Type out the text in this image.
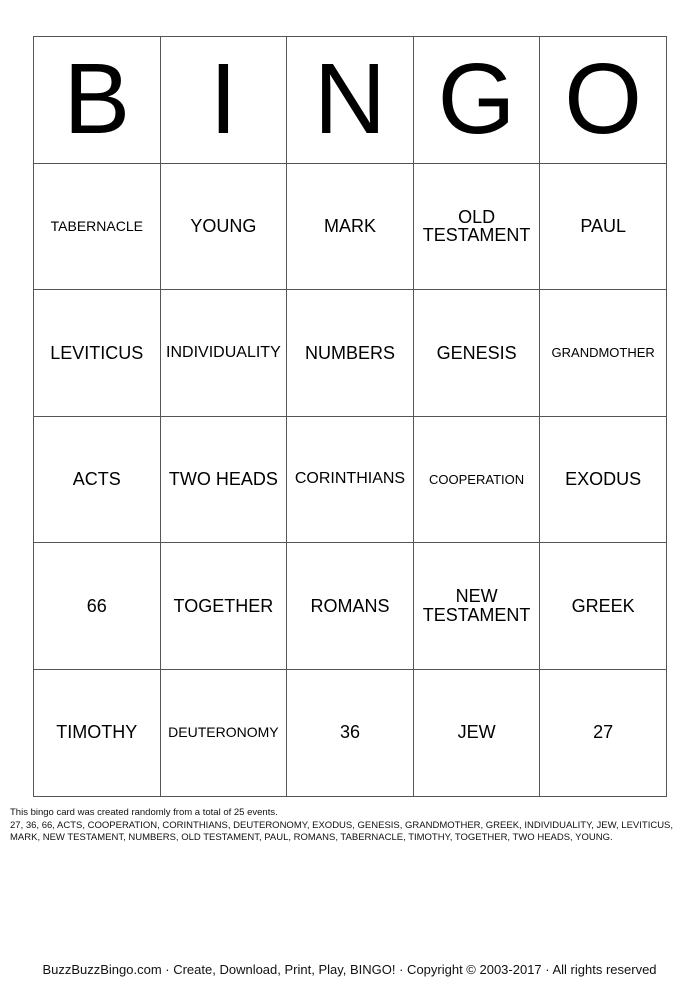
B	I	N	G	O
TABERNACLE	YOUNG	MARK	OLD TESTAMENT	PAUL
LEVITICUS	INDIVIDUALITY	NUMBERS	GENESIS	GRANDMOTHER
ACTS	TWO HEADS	CORINTHIANS	COOPERATION	EXODUS
66	TOGETHER	ROMANS	NEW TESTAMENT	GREEK
TIMOTHY	DEUTERONOMY	36	JEW	27
This bingo card was created randomly from a total of 25 events.
27, 36, 66, ACTS, COOPERATION, CORINTHIANS, DEUTERONOMY, EXODUS, GENESIS, GRANDMOTHER, GREEK, INDIVIDUALITY, JEW, LEVITICUS,
MARK, NEW TESTAMENT, NUMBERS, OLD TESTAMENT, PAUL, ROMANS, TABERNACLE, TIMOTHY, TOGETHER, TWO HEADS, YOUNG.
BuzzBuzzBingo.com · Create, Download, Print, Play, BINGO! · Copyright © 2003-2017 · All rights reserved
